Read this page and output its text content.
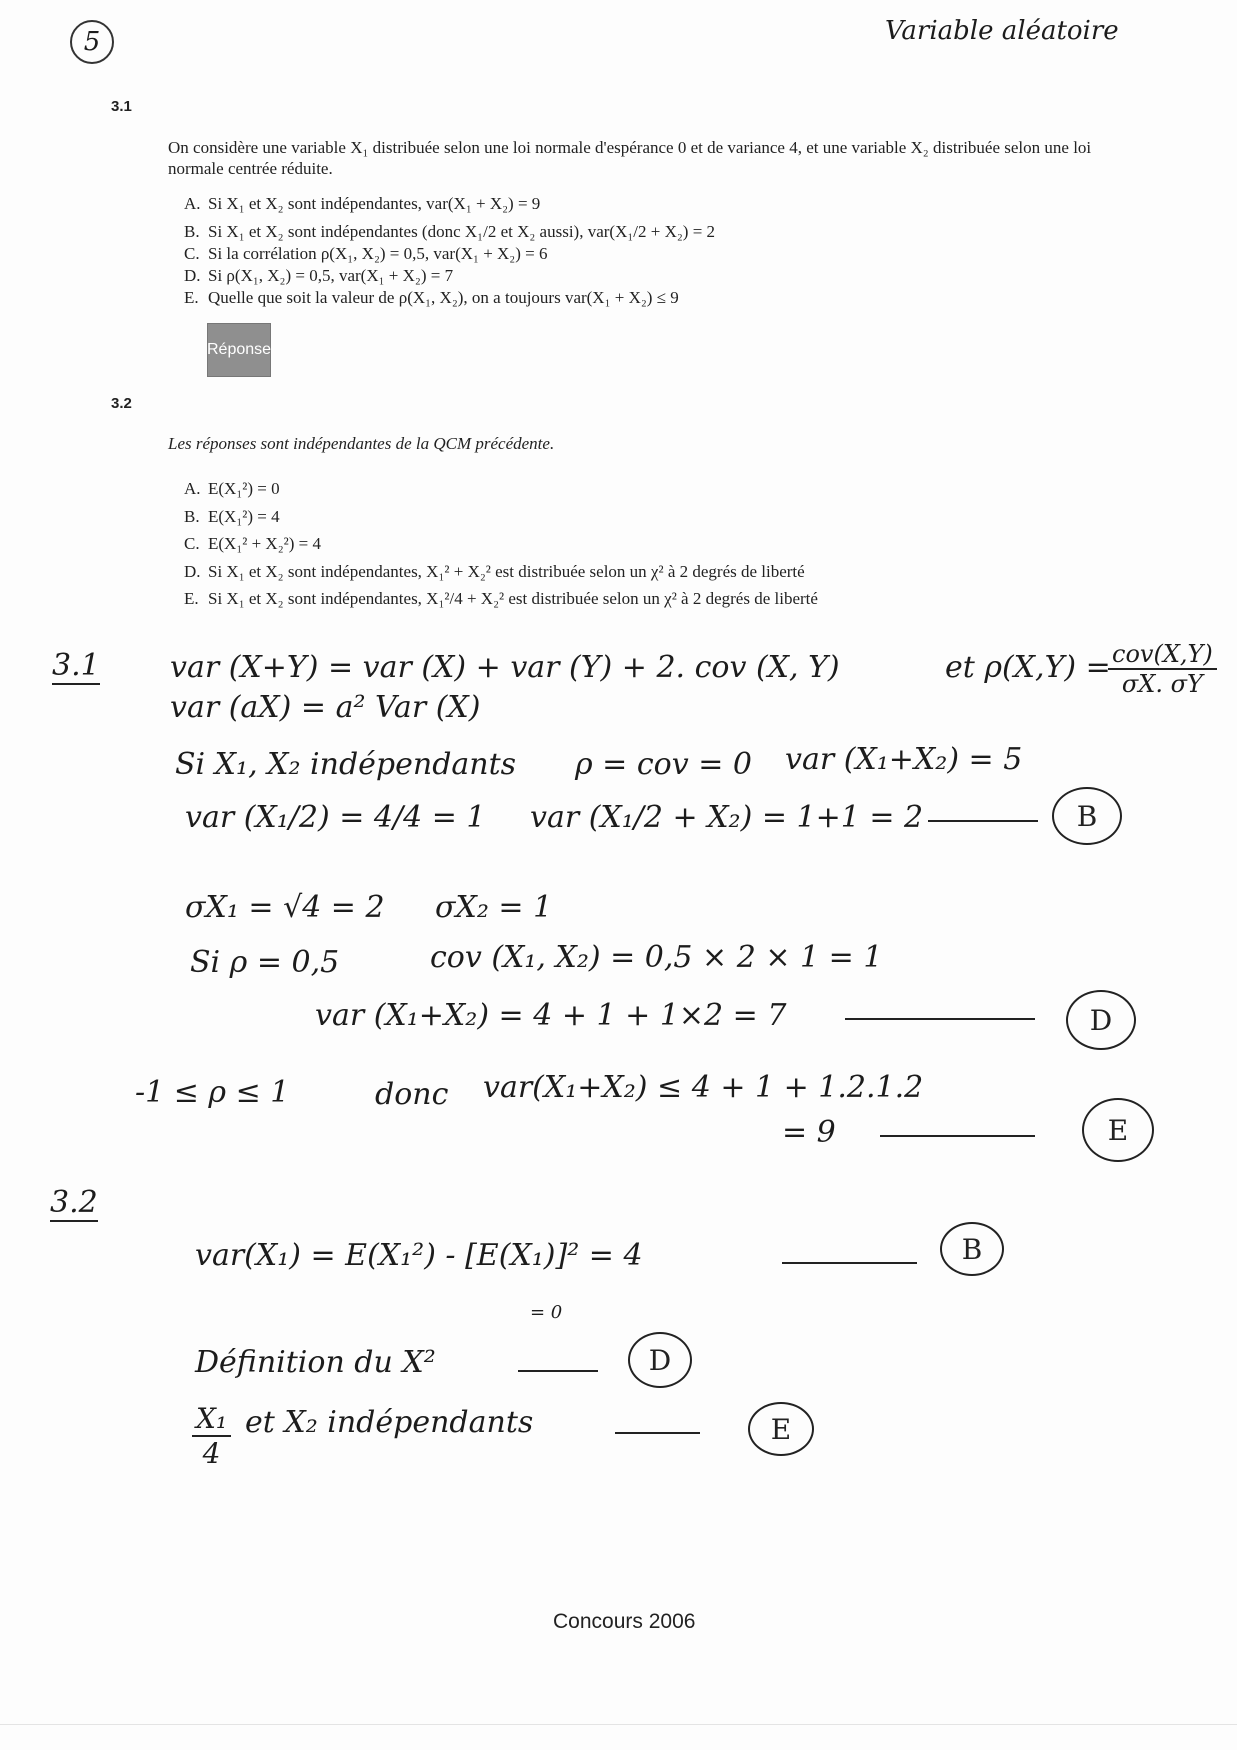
5	Variable aléatoire
3.1
On considère une variable X₁ distribuée selon une loi normale d'espérance 0 et de variance 4, et une variable X₂ distribuée selon une loi normale centrée réduite.
A. Si X₁ et X₂ sont indépendantes, var(X₁ + X₂) = 9
B. Si X₁ et X₂ sont indépendantes (donc X₁/2 et X₂ aussi), var(X₁/2 + X₂) = 2
C. Si la corrélation ρ(X₁, X₂) = 0,5, var(X₁ + X₂) = 6
D. Si ρ(X₁, X₂) = 0,5, var(X₁ + X₂) = 7
E. Quelle que soit la valeur de ρ(X₁, X₂), on a toujours var(X₁ + X₂) ≤ 9
Réponse
3.2
Les réponses sont indépendantes de la QCM précédente.
A. E(X₁²) = 0
B. E(X₁²) = 4
C. E(X₁² + X₂²) = 4
D. Si X₁ et X₂ sont indépendantes, X₁² + X₂² est distribuée selon un χ² à 2 degrés de liberté
E. Si X₁ et X₂ sont indépendantes, X₁²/4 + X₂² est distribuée selon un χ² à 2 degrés de liberté
3.1 var (X+Y) = var (X) + var (Y) + 2. cov (X, Y)	et ρ(X,Y) = cov(X,Y)
σX. σY
var (aX) = a² Var (X)
Si X₁, X₂ indépendants ρ = cov = 0 var (X₁+X₂) = 5
var (X₁/2) = 4/4 = 1 var (X₁/2 + X₂) = 1+1 = 2	B
σX₁ = √4 = 2 σX₂ = 1
Si ρ = 0,5	cov (X₁, X₂) = 0,5 × 2 × 1 = 1
var (X₁+X₂) = 4 + 1 + 1×2 = 7	D
-1 ≤ ρ ≤ 1	donc var(X₁+X₂) ≤ 4 + 1 + 1.2.1.2
= 9	E
3.2
var(X₁) = E(X₁²) - [E(X₁)]² = 4
= 0
B
Définition du X²	D
X₁
4
et X₂ indépendants	E
Concours 2006
